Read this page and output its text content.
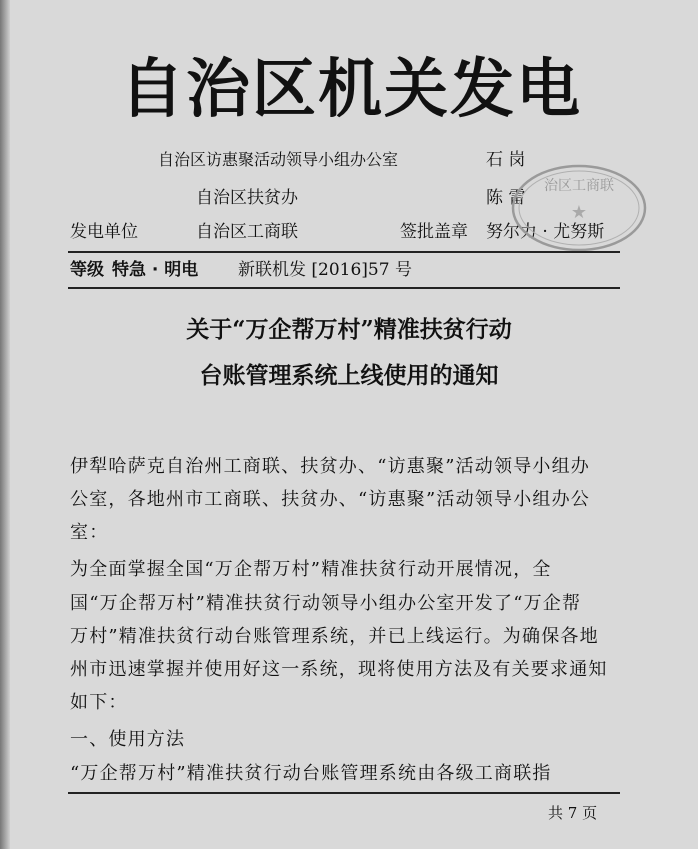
自治区机关发电
自治区访惠聚活动领导小组办公室	石 岗
自治区扶贫办	陈 雷
发电单位	自治区工商联	签批盖章 努尔力 · 尤努斯
治区工商联
★
等级 特急 · 明电 新联机发 [2016]57 号
关于“万企帮万村”精准扶贫行动
台账管理系统上线使用的通知
伊犁哈萨克自治州工商联、扶贫办、“访惠聚”活动领导小组办
公室，各地州市工商联、扶贫办、“访惠聚”活动领导小组办公
室：
为全面掌握全国“万企帮万村”精准扶贫行动开展情况，全
国“万企帮万村”精准扶贫行动领导小组办公室开发了“万企帮
万村”精准扶贫行动台账管理系统，并已上线运行。为确保各地
州市迅速掌握并使用好这一系统，现将使用方法及有关要求通知
如下：
一、使用方法
“万企帮万村”精准扶贫行动台账管理系统由各级工商联指
共 7 页
